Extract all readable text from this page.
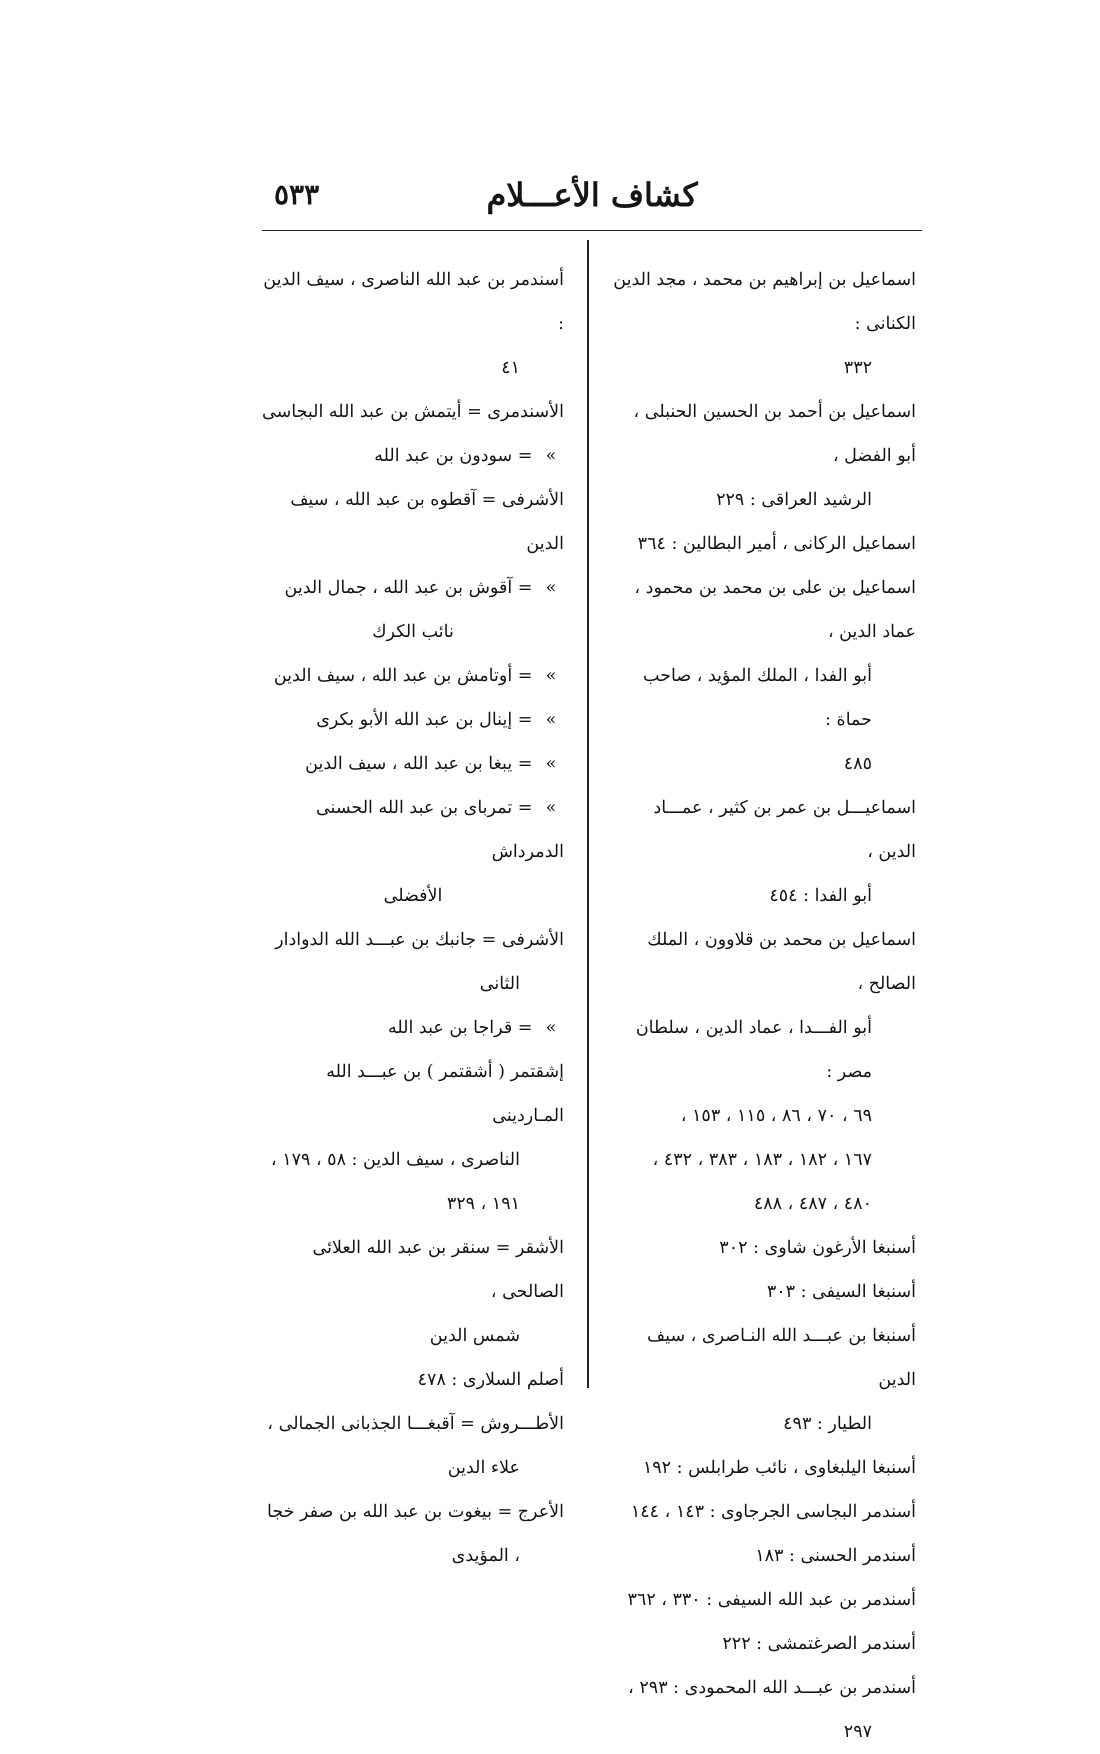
كشاف الأعـــلام
٥٣٣
اسماعيل بن إبراهيم بن محمد ، مجد الدين الكنانى :
٣٣٢
اسماعيل بن أحمد بن الحسين الحنبلى ، أبو الفضل ،
الرشيد العراقى : ٢٢٩
اسماعيل الركانى ، أمير البطالين : ٣٦٤
اسماعيل بن على بن محمد بن محمود ، عماد الدين ،
أبو الفدا ، الملك المؤيد ، صاحب حماة :
٤٨٥
اسماعيـــل بن عمر بن كثير ، عمـــاد الدين ،
أبو الفدا : ٤٥٤
اسماعيل بن محمد بن قلاوون ، الملك الصالح ،
أبو الفـــدا ، عماد الدين ، سلطان مصر :
٦٩ ، ٧٠ ، ٨٦ ، ١١٥ ، ١٥٣ ،
١٦٧ ، ١٨٢ ، ١٨٣ ، ٣٨٣ ، ٤٣٢ ،
٤٨٠ ، ٤٨٧ ، ٤٨٨
أسنبغا الأرغون شاوى : ٣٠٢
أسنبغا السيفى : ٣٠٣
أسنبغا بن عبـــد الله النـاصرى ، سيف الدين
الطيار : ٤٩٣
أسنبغا اليلبغاوى ، نائب طرابلس : ١٩٢
أسندمر البجاسى الجرجاوى : ١٤٣ ، ١٤٤
أسندمر الحسنى : ١٨٣
أسندمر بن عبد الله السيفى : ٣٣٠ ، ٣٦٢
أسندمر الصرغتمشى : ٢٢٢
أسندمر بن عبـــد الله المحمودى : ٢٩٣ ،
٢٩٧
أسندمر بن عبد الله الناصرى ، سيف الدين :
٤١
الأسندمرى = أيتمش بن عبد الله البجاسى
» = سودون بن عبد الله
الأشرفى = آقطوه بن عبد الله ، سيف الدين
» = آقوش بن عبد الله ، جمال الدين
نائب الكرك
» = أوتامش بن عبد الله ، سيف الدين
» = إينال بن عبد الله الأبو بكرى
» = يبغا بن عبد الله ، سيف الدين
» = تمربای بن عبد الله الحسنى الدمرداش
الأفضلى
الأشرفى = جانبك بن عبـــد الله الدوادار
الثانى
» = قراجا بن عبد الله
إشقتمر ( أشقتمر ) بن عبـــد الله المـاردينى
الناصرى ، سيف الدين : ٥٨ ، ١٧٩ ،
١٩١ ، ٣٢٩
الأشقر = سنقر بن عبد الله العلائى الصالحى ،
شمس الدين
أصلم السلارى : ٤٧٨
الأطـــروش = آقبغـــا الجذبانى الجمالى ،
علاء الدين
الأعرج = بيغوت بن عبد الله بن صفر خجا
، المؤيدى
